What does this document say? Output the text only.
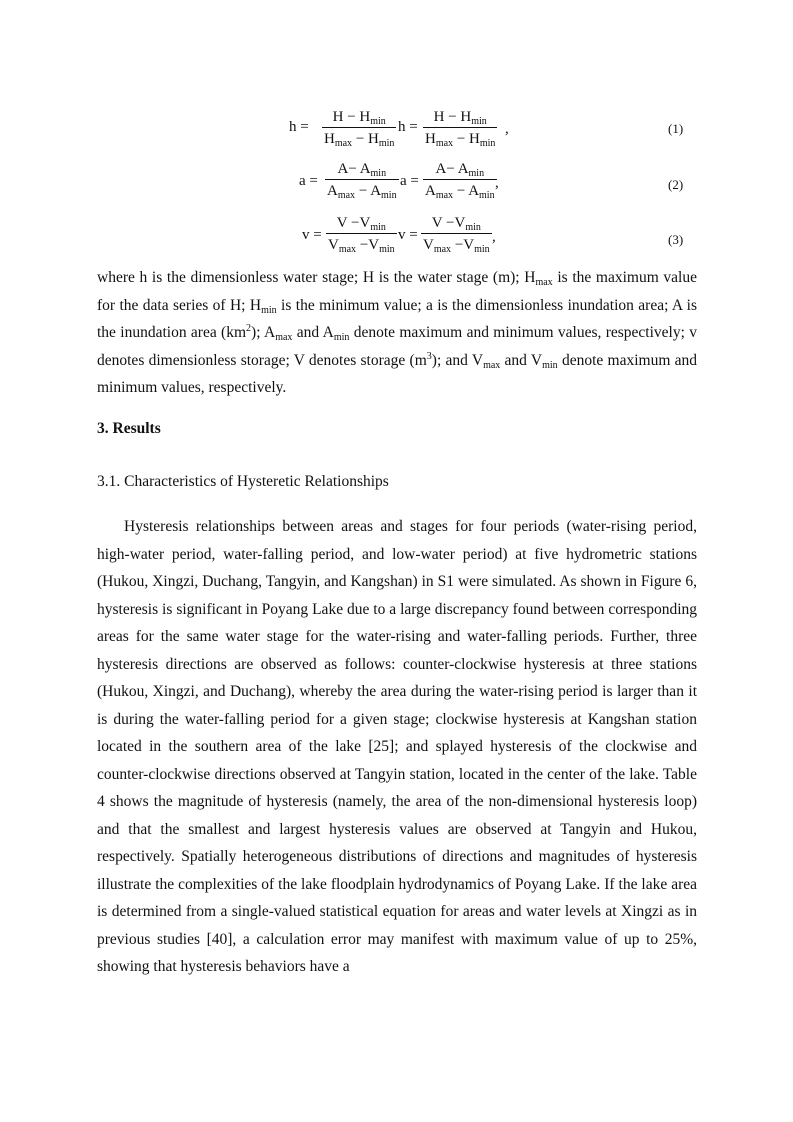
h =
$H - H_{min}$
$H_{max} - H_{min}$
h =
$H - H_{min}$
$H_{max} - H_{min}$
,	(1)
a =
$A- A_{min}$
$A_{max} - A_{min}$
a =
$A- A_{min}$
$A_{max} - A_{min}$
,	(2)
v =
$V -V_{min}$
$V_{max} -V_{min}$
v =
$V -V_{min}$
$V_{max} -V_{min}$
,	(3)

where h is the dimensionless water stage; H is the water stage (m); $H_{max}$ is the maximum value for the data series of H; $H_{min}$ is the minimum value; a is the dimensionless inundation area; A is the inundation area $(km^2)$; $A_{max}$ and $A_{min}$ denote maximum and minimum values, respectively; v denotes dimensionless storage; V denotes storage $(m^3)$; and $V_{max}$ and $V_{min}$ denote maximum and minimum values, respectively.

3. Results
3.1. Characteristics of Hysteretic Relationships

Hysteresis relationships between areas and stages for four periods (water-rising period, high-water period, water-falling period, and low-water period) at five hydrometric stations (Hukou, Xingzi, Duchang, Tangyin, and Kangshan) in S1 were simulated. As shown in Figure 6, hysteresis is significant in Poyang Lake due to a large discrepancy found between corresponding areas for the same water stage for the water-rising and water-falling periods. Further, three hysteresis directions are observed as follows: counter-clockwise hysteresis at three stations (Hukou, Xingzi, and Duchang), whereby the area during the water-rising period is larger than it is during the water-falling period for a given stage; clockwise hysteresis at Kangshan station located in the southern area of the lake [25]; and splayed hysteresis of the clockwise and counter-clockwise directions observed at Tangyin station, located in the center of the lake. Table 4 shows the magnitude of hysteresis (namely, the area of the non-dimensional hysteresis loop) and that the smallest and largest hysteresis values are observed at Tangyin and Hukou, respectively. Spatially heterogeneous distributions of directions and magnitudes of hysteresis illustrate the complexities of the lake floodplain hydrodynamics of Poyang Lake. If the lake area is determined from a single-valued statistical equation for areas and water levels at Xingzi as in previous studies [40], a calculation error may manifest with maximum value of up to 25%, showing that hysteresis behaviors have a
